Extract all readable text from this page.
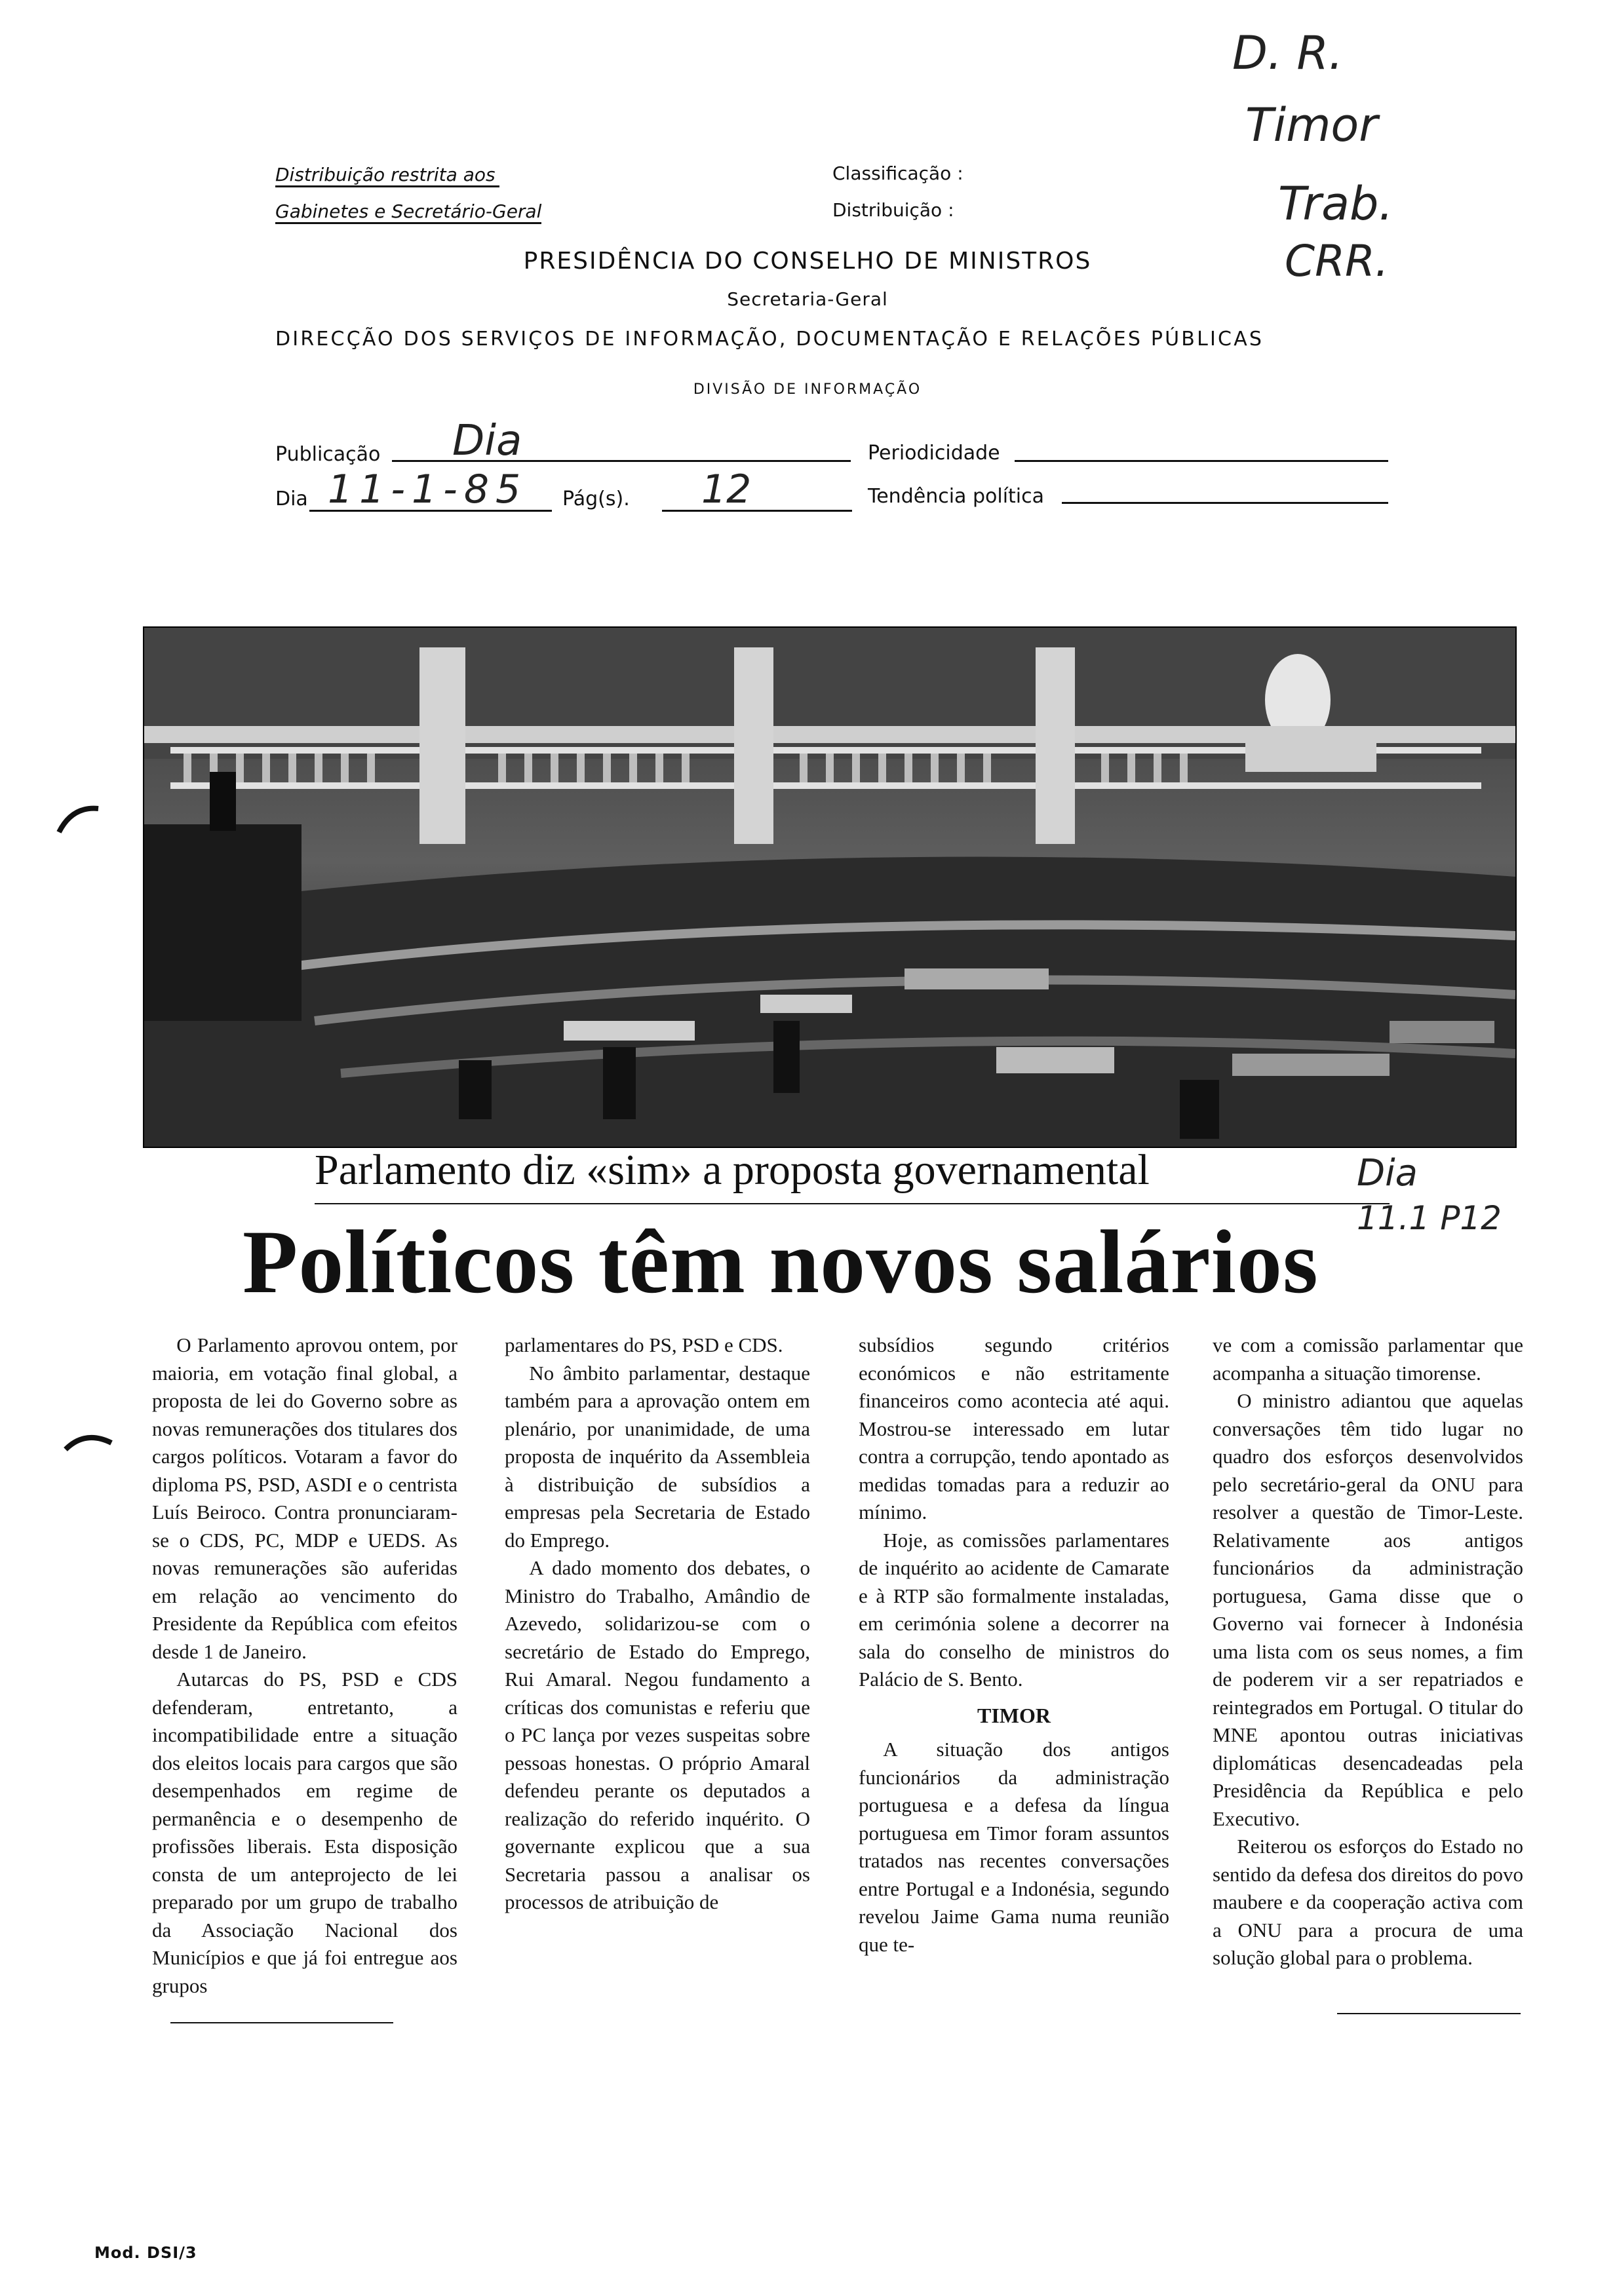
Distribuição restrita aos
Gabinetes e Secretário-Geral
Classificação :
Distribuição :
PRESIDÊNCIA DO CONSELHO DE MINISTROS
Secretaria-Geral
DIRECÇÃO DOS SERVIÇOS DE INFORMAÇÃO, DOCUMENTAÇÃO E RELAÇÕES PÚBLICAS
DIVISÃO DE INFORMAÇÃO
Publicação Dia	Periodicidade
Dia 11-1-85 Pág(s). 12	Tendência política
D. R.
Timor
Trab.
CRR.
Parlamento diz «sim» a proposta governamental	Dia
Políticos têm novos salários	11.1 P12

O Parlamento aprovou ontem, por maioria, em votação final global, a proposta de lei do Governo sobre as novas remunerações dos titulares dos cargos políticos. Votaram a favor do diploma PS, PSD, ASDI e o centrista Luís Beiroco. Contra pronunciaram-se o CDS, PC, MDP e UEDS. As novas remunerações são auferidas em relação ao vencimento do Presidente da República com efeitos desde 1 de Janeiro.

Autarcas do PS, PSD e CDS defenderam, entretanto, a incompatibilidade entre a situação dos eleitos locais para cargos que são desempenhados em regime de permanência e o desempenho de profissões liberais. Esta disposição consta de um anteprojecto de lei preparado por um grupo de trabalho da Associação Nacional dos Municípios e que já foi entregue aos grupos

parlamentares do PS, PSD e CDS.

No âmbito parlamentar, destaque também para a aprovação ontem em plenário, por unanimidade, de uma proposta de inquérito da Assembleia à distribuição de subsídios a empresas pela Secretaria de Estado do Emprego.

A dado momento dos debates, o Ministro do Trabalho, Amândio de Azevedo, solidarizou-se com o secretário de Estado do Emprego, Rui Amaral. Negou fundamento a críticas dos comunistas e referiu que o PC lança por vezes suspeitas sobre pessoas honestas. O próprio Amaral defendeu perante os deputados a realização do referido inquérito. O governante explicou que a sua Secretaria passou a analisar os processos de atribuição de

subsídios segundo critérios económicos e não estritamente financeiros como acontecia até aqui. Mostrou-se interessado em lutar contra a corrupção, tendo apontado as medidas tomadas para a reduzir ao mínimo.

Hoje, as comissões parlamentares de inquérito ao acidente de Camarate e à RTP são formalmente instaladas, em cerimónia solene a decorrer na sala do conselho de ministros do Palácio de S. Bento.

TIMOR

A situação dos antigos funcionários da administração portuguesa e a defesa da língua portuguesa em Timor foram assuntos tratados nas recentes conversações entre Portugal e a Indonésia, segundo revelou Jaime Gama numa reunião que te-

ve com a comissão parlamentar que acompanha a situação timorense.

O ministro adiantou que aquelas conversações têm tido lugar no quadro dos esforços desenvolvidos pelo secretário-geral da ONU para resolver a questão de Timor-Leste. Relativamente aos antigos funcionários da administração portuguesa, Gama disse que o Governo vai fornecer à Indonésia uma lista com os seus nomes, a fim de poderem vir a ser repatriados e reintegrados em Portugal. O titular do MNE apontou outras iniciativas diplomáticas desencadeadas pela Presidência da República e pelo Executivo.

Reiterou os esforços do Estado no sentido da defesa dos direitos do povo maubere e da cooperação activa com a ONU para a procura de uma solução global para o problema.

Mod. DSI/3
